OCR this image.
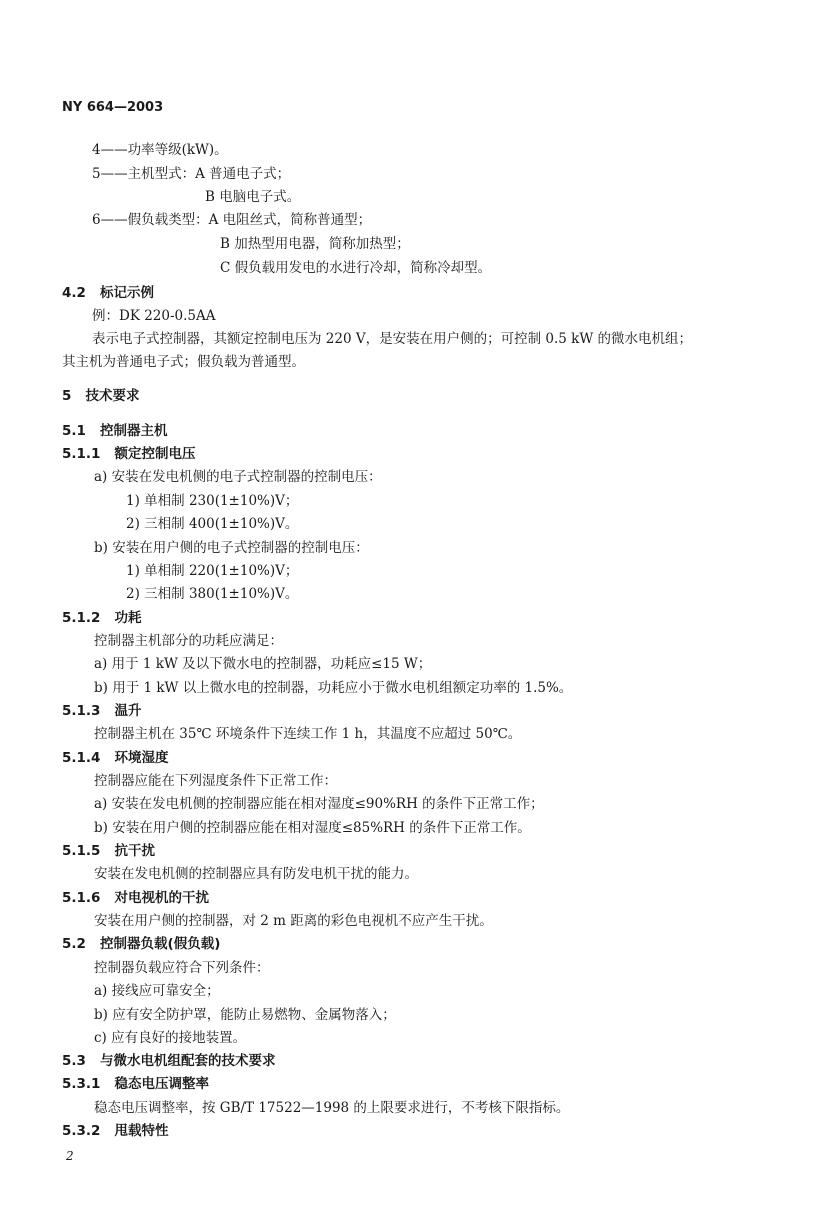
NY 664—2003
4——功率等级(kW)。
5——主机型式：A 普通电子式；
B 电脑电子式。
6——假负载类型：A 电阻丝式，简称普通型；
B 加热型用电器，简称加热型；
C 假负载用发电的水进行冷却，简称冷却型。
4.2 标记示例
例：DK 220-0.5AA
表示电子式控制器，其额定控制电压为 220 V，是安装在用户侧的；可控制 0.5 kW 的微水电机组；
其主机为普通电子式；假负载为普通型。
5 技术要求
5.1 控制器主机
5.1.1 额定控制电压
a) 安装在发电机侧的电子式控制器的控制电压：
1) 单相制 230(1±10%)V；
2) 三相制 400(1±10%)V。
b) 安装在用户侧的电子式控制器的控制电压：
1) 单相制 220(1±10%)V；
2) 三相制 380(1±10%)V。
5.1.2 功耗
控制器主机部分的功耗应满足：
a) 用于 1 kW 及以下微水电的控制器，功耗应≤15 W；
b) 用于 1 kW 以上微水电的控制器，功耗应小于微水电机组额定功率的 1.5%。
5.1.3 温升
控制器主机在 35℃ 环境条件下连续工作 1 h，其温度不应超过 50℃。
5.1.4 环境湿度
控制器应能在下列湿度条件下正常工作：
a) 安装在发电机侧的控制器应能在相对湿度≤90%RH 的条件下正常工作；
b) 安装在用户侧的控制器应能在相对湿度≤85%RH 的条件下正常工作。
5.1.5 抗干扰
安装在发电机侧的控制器应具有防发电机干扰的能力。
5.1.6 对电视机的干扰
安装在用户侧的控制器，对 2 m 距离的彩色电视机不应产生干扰。
5.2 控制器负载(假负载)
控制器负载应符合下列条件：
a) 接线应可靠安全；
b) 应有安全防护罩，能防止易燃物、金属物落入；
c) 应有良好的接地装置。
5.3 与微水电机组配套的技术要求
5.3.1 稳态电压调整率
稳态电压调整率，按 GB/T 17522—1998 的上限要求进行，不考核下限指标。
5.3.2 甩载特性
2
